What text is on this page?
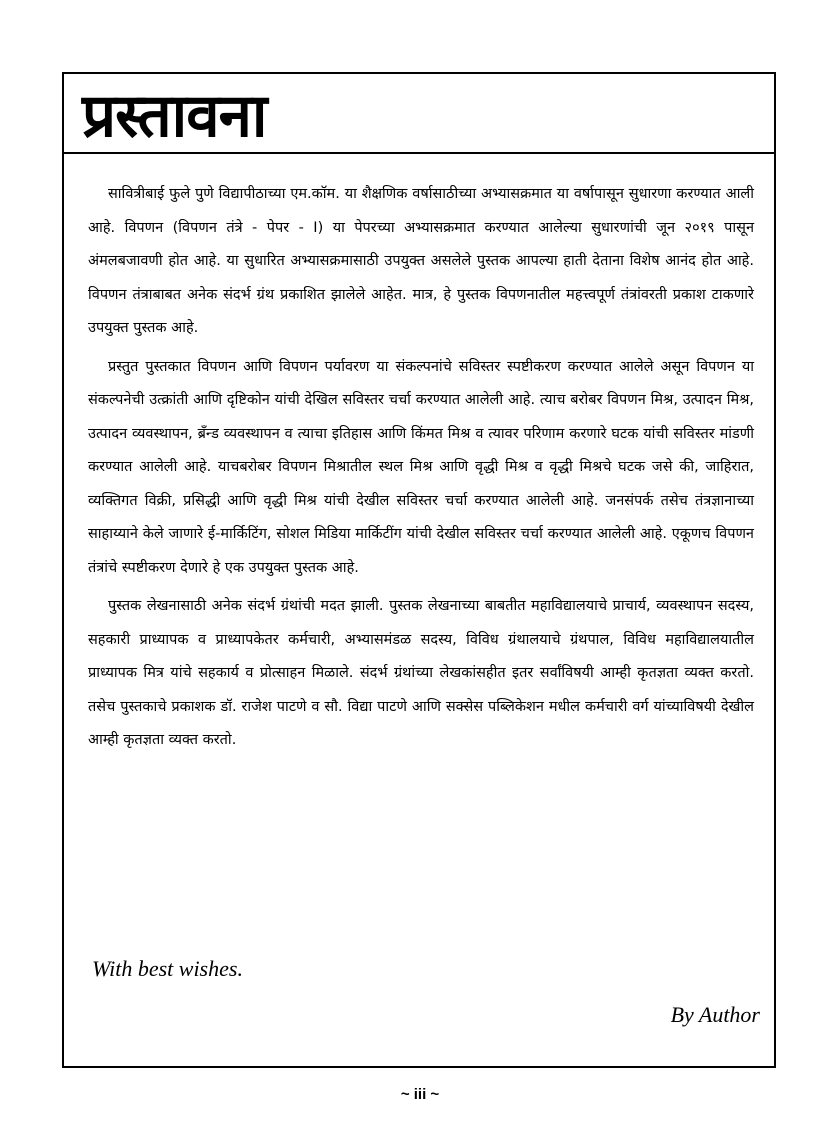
प्रस्तावना

सावित्रीबाई फुले पुणे विद्यापीठाच्या एम.कॉम. या शैक्षणिक वर्षासाठीच्या अभ्यासक्रमात या वर्षापासून सुधारणा करण्यात आली आहे. विपणन (विपणन तंत्रे - पेपर - I) या पेपरच्या अभ्यासक्रमात करण्यात आलेल्या सुधारणांची जून २०१९ पासून अंमलबजावणी होत आहे. या सुधारित अभ्यासक्रमासाठी उपयुक्त असलेले पुस्तक आपल्या हाती देताना विशेष आनंद होत आहे. विपणन तंत्राबाबत अनेक संदर्भ ग्रंथ प्रकाशित झालेले आहेत. मात्र, हे पुस्तक विपणनातील महत्त्वपूर्ण तंत्रांवरती प्रकाश टाकणारे उपयुक्त पुस्तक आहे.

प्रस्तुत पुस्तकात विपणन आणि विपणन पर्यावरण या संकल्पनांचे सविस्तर स्पष्टीकरण करण्यात आलेले असून विपणन या संकल्पनेची उत्क्रांती आणि दृष्टिकोन यांची देखिल सविस्तर चर्चा करण्यात आलेली आहे. त्याच बरोबर विपणन मिश्र, उत्पादन मिश्र, उत्पादन व्यवस्थापन, ब्रँन्ड व्यवस्थापन व त्याचा इतिहास आणि किंमत मिश्र व त्यावर परिणाम करणारे घटक यांची सविस्तर मांडणी करण्यात आलेली आहे. याचबरोबर विपणन मिश्रातील स्थल मिश्र आणि वृद्धी मिश्र व वृद्धी मिश्रचे घटक जसे की, जाहिरात, व्यक्तिगत विक्री, प्रसिद्धी आणि वृद्धी मिश्र यांची देखील सविस्तर चर्चा करण्यात आलेली आहे. जनसंपर्क तसेच तंत्रज्ञानाच्या साहाय्याने केले जाणारे ई-मार्किटिंग, सोशल मिडिया मार्किटींग यांची देखील सविस्तर चर्चा करण्यात आलेली आहे. एकूणच विपणन तंत्रांचे स्पष्टीकरण देणारे हे एक उपयुक्त पुस्तक आहे.

पुस्तक लेखनासाठी अनेक संदर्भ ग्रंथांची मदत झाली. पुस्तक लेखनाच्या बाबतीत महाविद्यालयाचे प्राचार्य, व्यवस्थापन सदस्य, सहकारी प्राध्यापक व प्राध्यापकेतर कर्मचारी, अभ्यासमंडळ सदस्य, विविध ग्रंथालयाचे ग्रंथपाल, विविध महाविद्यालयातील प्राध्यापक मित्र यांचे सहकार्य व प्रोत्साहन मिळाले. संदर्भ ग्रंथांच्या लेखकांसहीत इतर सर्वांविषयी आम्ही कृतज्ञता व्यक्त करतो. तसेच पुस्तकाचे प्रकाशक डॉ. राजेश पाटणे व सौ. विद्या पाटणे आणि सक्सेस पब्लिकेशन मधील कर्मचारी वर्ग यांच्याविषयी देखील आम्ही कृतज्ञता व्यक्त करतो.

With best wishes.
By Author
~ iii ~
